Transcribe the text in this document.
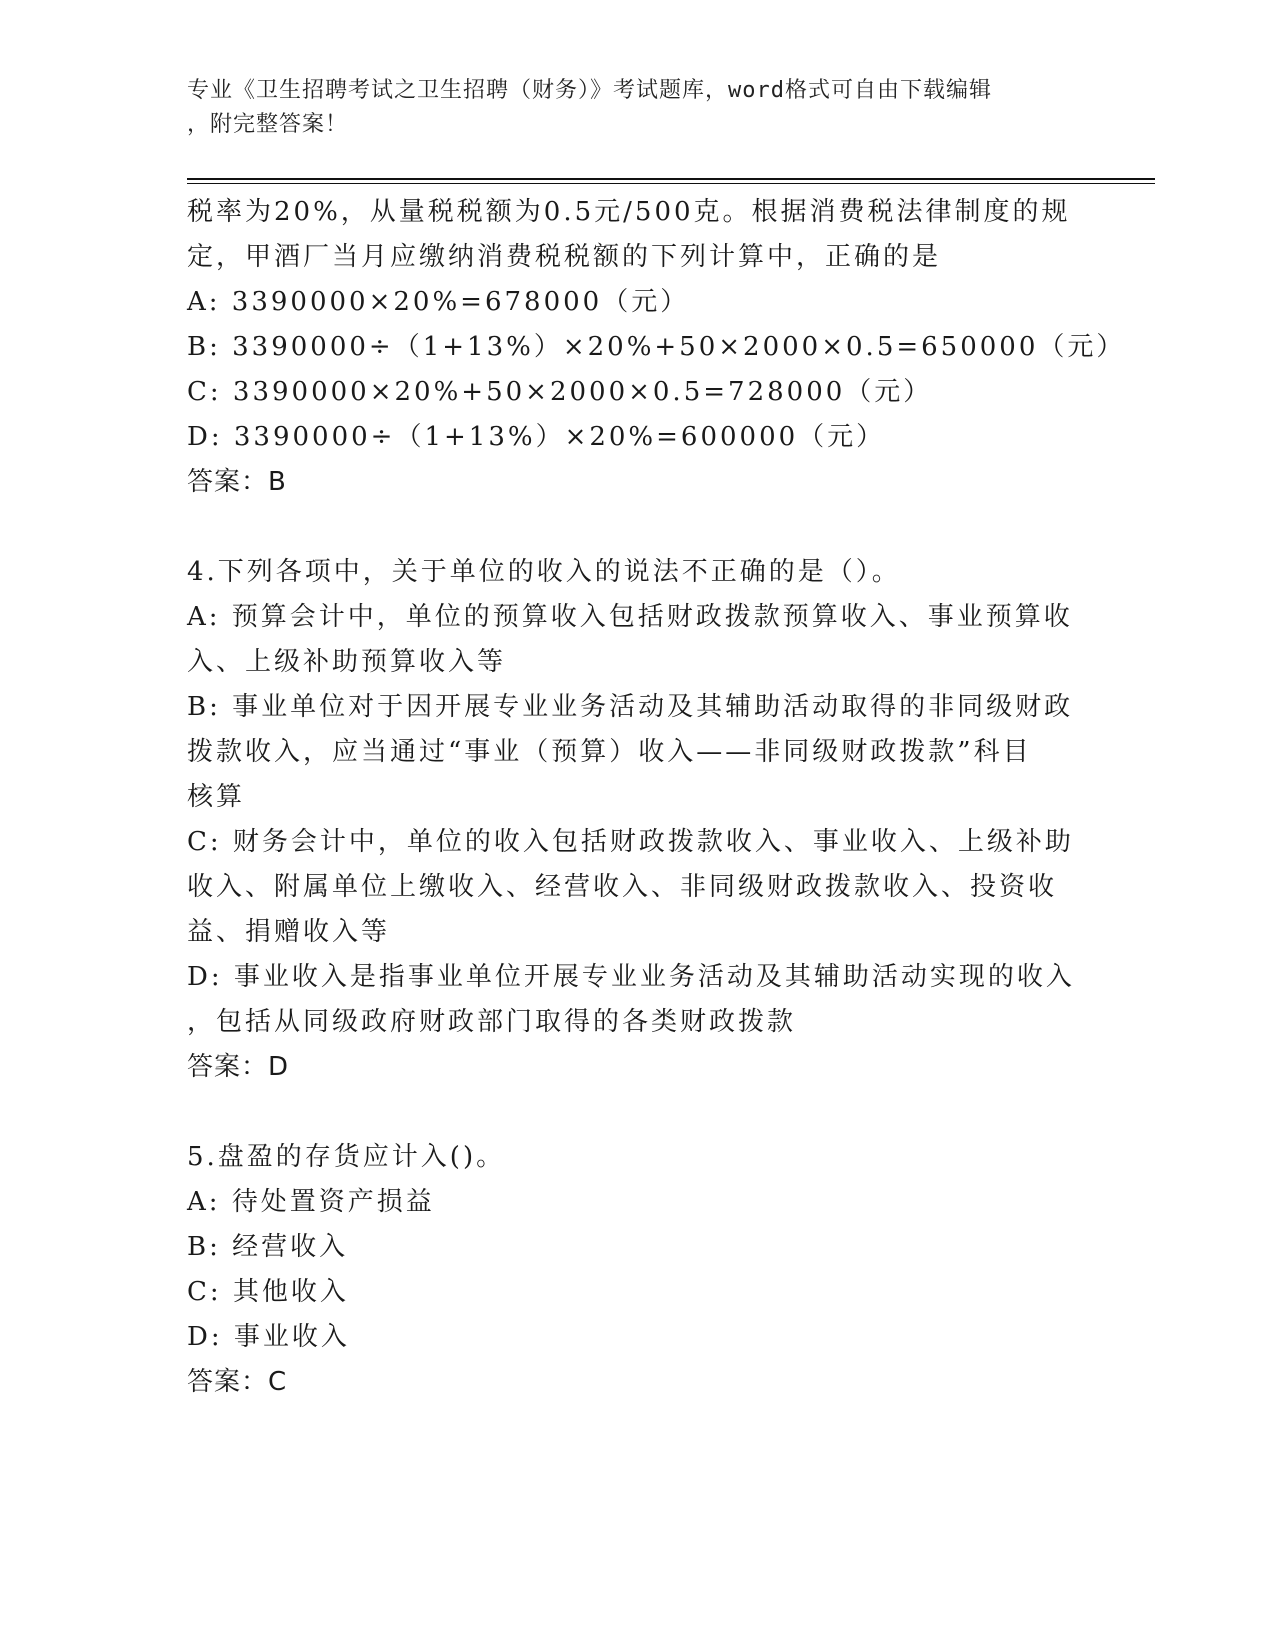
专业《卫生招聘考试之卫生招聘（财务）》考试题库，word格式可自由下载编辑
，附完整答案！
税率为20%，从量税税额为0.5元/500克。根据消费税法律制度的规
定，甲酒厂当月应缴纳消费税税额的下列计算中，正确的是
A: 3390000×20%=678000（元）
B: 3390000÷（1+13%）×20%+50×2000×0.5=650000（元）
C: 3390000×20%+50×2000×0.5=728000（元）
D: 3390000÷（1+13%）×20%=600000（元）
答案：B
4.下列各项中，关于单位的收入的说法不正确的是（）。
A: 预算会计中，单位的预算收入包括财政拨款预算收入、事业预算收
入、上级补助预算收入等
B: 事业单位对于因开展专业业务活动及其辅助活动取得的非同级财政
拨款收入，应当通过“事业（预算）收入——非同级财政拨款”科目
核算
C: 财务会计中，单位的收入包括财政拨款收入、事业收入、上级补助
收入、附属单位上缴收入、经营收入、非同级财政拨款收入、投资收
益、捐赠收入等
D: 事业收入是指事业单位开展专业业务活动及其辅助活动实现的收入
，包括从同级政府财政部门取得的各类财政拨款
答案：D
5.盘盈的存货应计入()。
A: 待处置资产损益
B: 经营收入
C: 其他收入
D: 事业收入
答案：C
